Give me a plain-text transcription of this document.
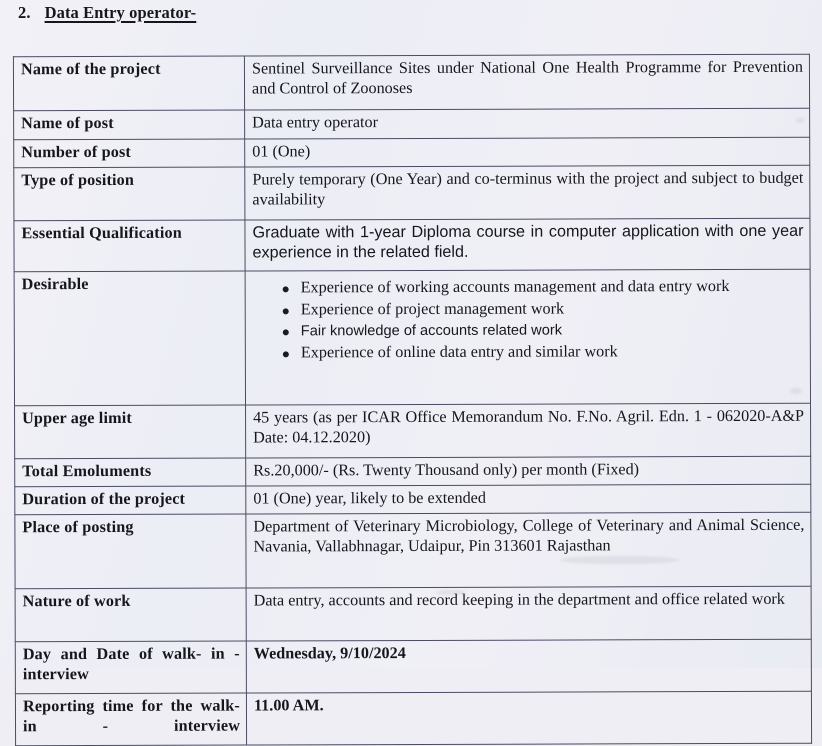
2. Data Entry operator-
Name of the project	Sentinel Surveillance Sites under National One Health Programme for Prevention and Control of Zoonoses
Name of post	Data entry operator
Number of post	01 (One)
Type of position	Purely temporary (One Year) and co-terminus with the project and subject to budget availability
Essential Qualification	Graduate with 1-year Diploma course in computer application with one year experience in the related field.
Desirable	Experience of working accounts management and data entry work
Experience of project management work
Fair knowledge of accounts related work
Experience of online data entry and similar work

Upper age limit	45 years (as per ICAR Office Memorandum No. F.No. Agril. Edn. 1 - 062020-A&P Date: 04.12.2020)
Total Emoluments	Rs.20,000/- (Rs. Twenty Thousand only) per month (Fixed)
Duration of the project	01 (One) year, likely to be extended
Place of posting	Department of Veterinary Microbiology, College of Veterinary and Animal Science, Navania, Vallabhnagar, Udaipur, Pin 313601 Rajasthan
Nature of work	Data entry, accounts and record keeping in the department and office related work
Day and Date of walk- in - interview	Wednesday, 9/10/2024
Reporting time for the walk- in - interview	11.00 AM.
